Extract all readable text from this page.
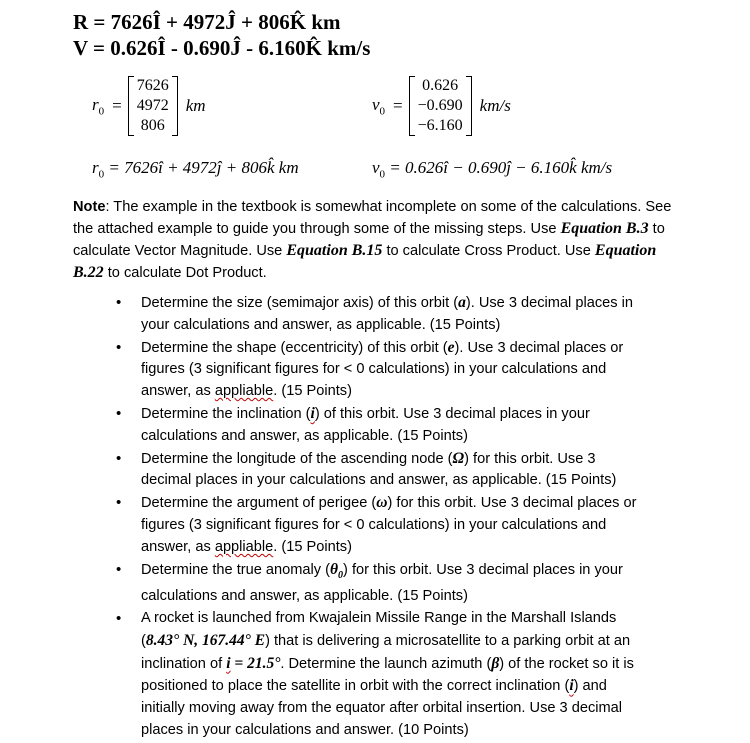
R = 7626Î + 4972Ĵ + 806K̂ km
V = 0.626Î - 0.690Ĵ - 6.160K̂ km/s
$r_0$ =
7626
4972
806
km	$v_0$ =
0.626
−0.690
−6.160
km/s
$r_0$ = 7626î + 4972ĵ + 806k̂ km	$v_0$ = 0.626î − 0.690ĵ − 6.160k̂ km/s
Note: The example in the textbook is somewhat incomplete on some of the calculations. See the attached example to guide you through some of the missing steps. Use Equation B.3 to calculate Vector Magnitude. Use Equation B.15 to calculate Cross Product. Use Equation B.22 to calculate Dot Product.
• Determine the size (semimajor axis) of this orbit (a). Use 3 decimal places in your calculations and answer, as applicable. (15 Points)
• Determine the shape (eccentricity) of this orbit (e). Use 3 decimal places or figures (3 significant figures for < 0 calculations) in your calculations and answer, as appliable. (15 Points)
• Determine the inclination (i) of this orbit. Use 3 decimal places in your calculations and answer, as applicable. (15 Points)
• Determine the longitude of the ascending node (Ω) for this orbit. Use 3 decimal places in your calculations and answer, as applicable. (15 Points)
• Determine the argument of perigee (ω) for this orbit. Use 3 decimal places or figures (3 significant figures for < 0 calculations) in your calculations and answer, as appliable. (15 Points)
• Determine the true anomaly $(\theta_0)$ for this orbit. Use 3 decimal places in your calculations and answer, as applicable. (15 Points)
• A rocket is launched from Kwajalein Missile Range in the Marshall Islands (8.43° N, 167.44° E) that is delivering a microsatellite to a parking orbit at an inclination of i = 21.5°. Determine the launch azimuth (β) of the rocket so it is positioned to place the satellite in orbit with the correct inclination (i) and initially moving away from the equator after orbital insertion. Use 3 decimal places in your calculations and answer. (10 Points)
